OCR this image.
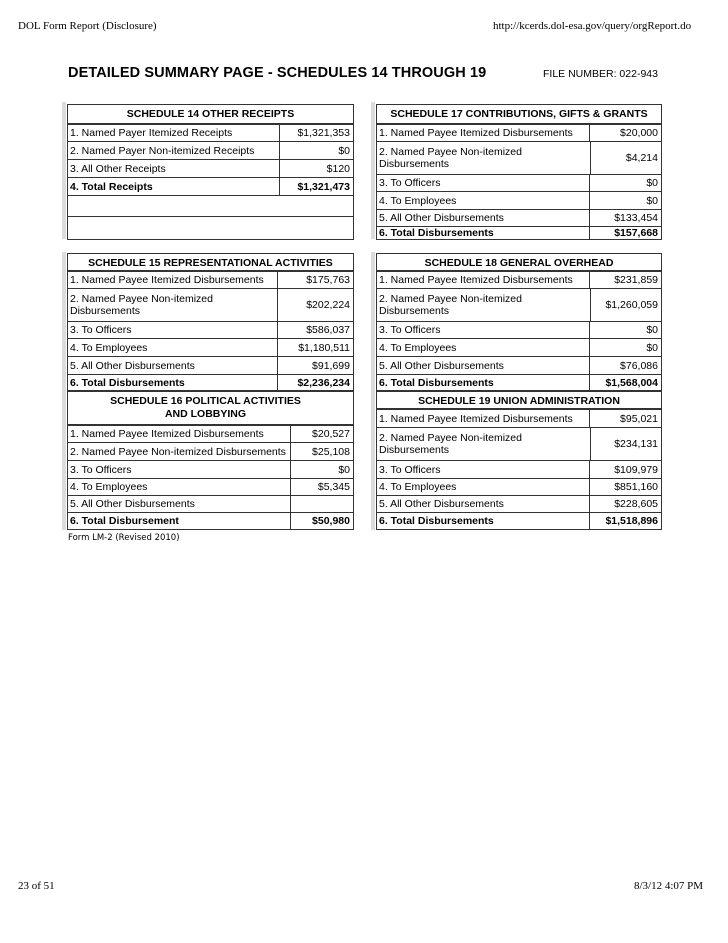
DOL Form Report (Disclosure)	http://kcerds.dol-esa.gov/query/orgReport.do
DETAILED SUMMARY PAGE - SCHEDULES 14 THROUGH 19	FILE NUMBER: 022-943
SCHEDULE 14 OTHER RECEIPTS
1. Named Payer Itemized Receipts	$1,321,353
2. Named Payer Non-itemized Receipts	$0
3. All Other Receipts	$120
4. Total Receipts	$1,321,473
SCHEDULE 17 CONTRIBUTIONS, GIFTS & GRANTS
1. Named Payee Itemized Disbursements	$20,000
2. Named Payee Non-itemized Disbursements	$4,214
3. To Officers	$0
4. To Employees	$0
5. All Other Disbursements	$133,454
6. Total Disbursements	$157,668
SCHEDULE 15 REPRESENTATIONAL ACTIVITIES
1. Named Payee Itemized Disbursements	$175,763
2. Named Payee Non-itemized Disbursements	$202,224
3. To Officers	$586,037
4. To Employees	$1,180,511
5. All Other Disbursements	$91,699
6. Total Disbursements	$2,236,234
SCHEDULE 16 POLITICAL ACTIVITIES AND LOBBYING
1. Named Payee Itemized Disbursements	$20,527
2. Named Payee Non-itemized Disbursements	$25,108
3. To Officers	$0
4. To Employees	$5,345
5. All Other Disbursements
6. Total Disbursement	$50,980
SCHEDULE 18 GENERAL OVERHEAD
1. Named Payee Itemized Disbursements	$231,859
2. Named Payee Non-itemized Disbursements	$1,260,059
3. To Officers	$0
4. To Employees	$0
5. All Other Disbursements	$76,086
6. Total Disbursements	$1,568,004
SCHEDULE 19 UNION ADMINISTRATION
1. Named Payee Itemized Disbursements	$95,021
2. Named Payee Non-itemized Disbursements	$234,131
3. To Officers	$109,979
4. To Employees	$851,160
5. All Other Disbursements	$228,605
6. Total Disbursements	$1,518,896
Form LM-2 (Revised 2010)
23 of 51	8/3/12 4:07 PM
